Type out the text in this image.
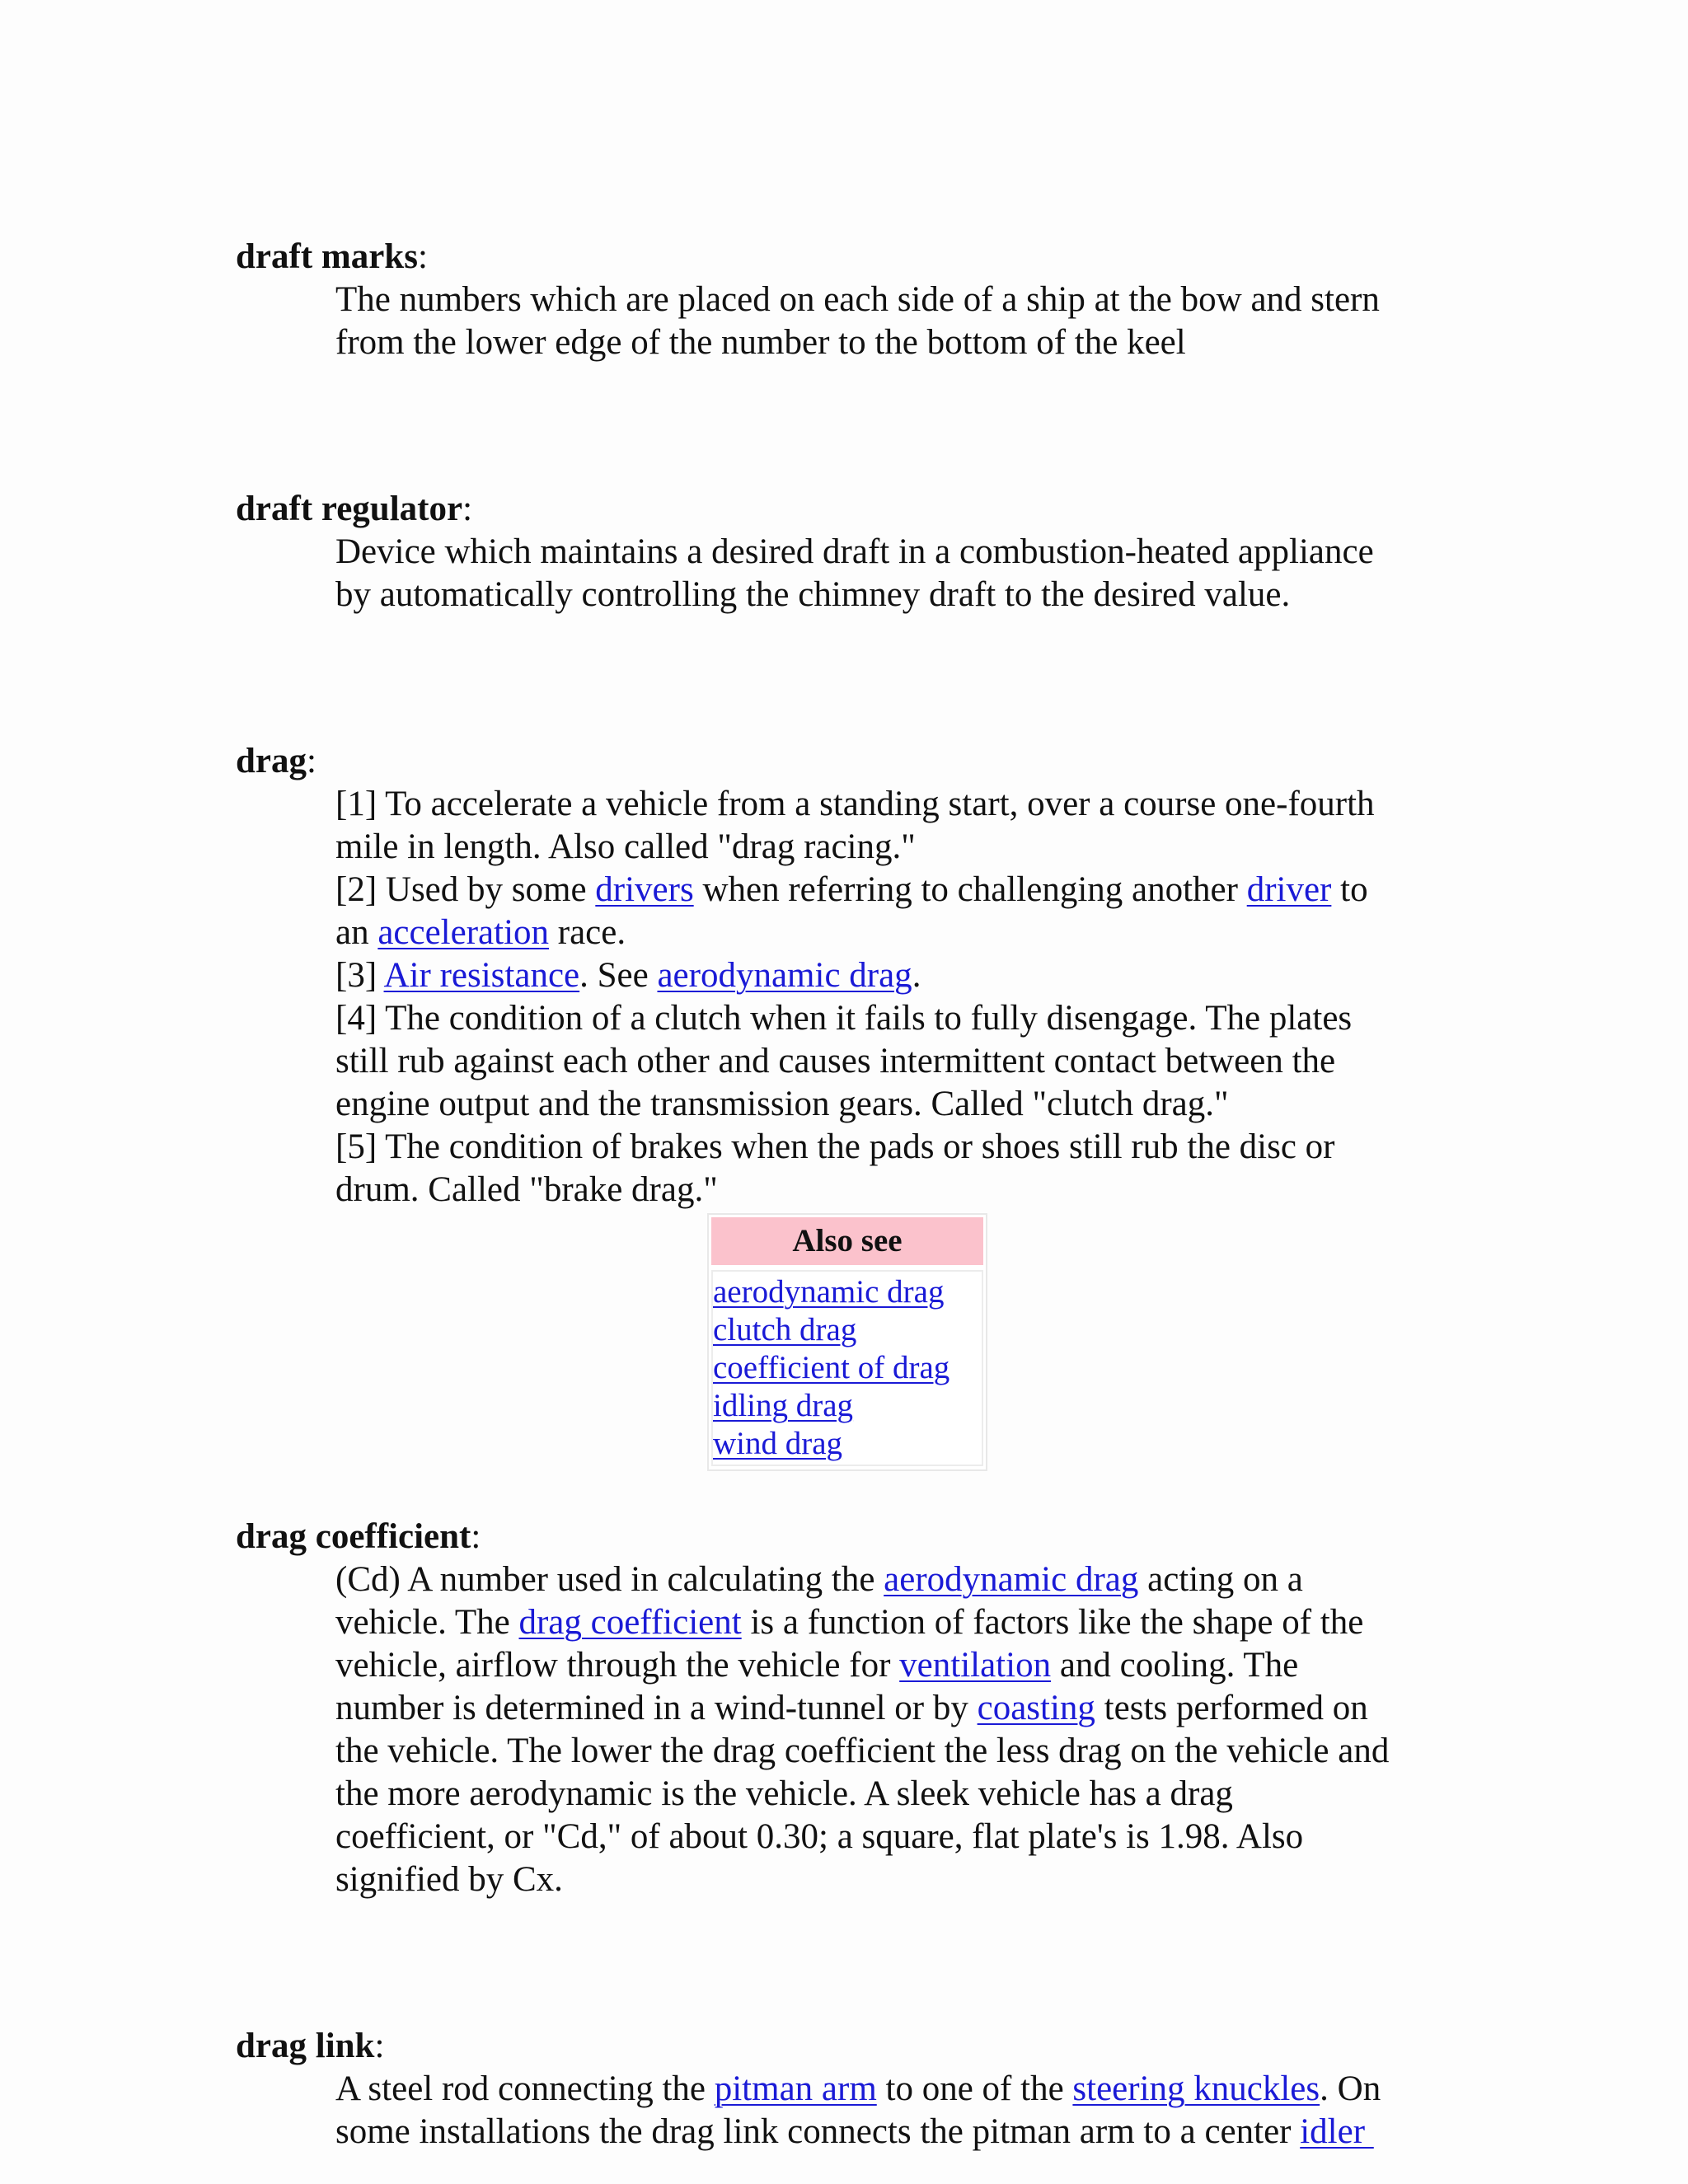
draft marks:

The numbers which are placed on each side of a ship at the bow and stern

from the lower edge of the number to the bottom of the keel

draft regulator:

Device which maintains a desired draft in a combustion-heated appliance

by automatically controlling the chimney draft to the desired value.

drag:

[1] To accelerate a vehicle from a standing start, over a course one-fourth

mile in length. Also called "drag racing."

[2] Used by some drivers when referring to challenging another driver to

an acceleration race.

[3] Air resistance. See aerodynamic drag.

[4] The condition of a clutch when it fails to fully disengage. The plates

still rub against each other and causes intermittent contact between the

engine output and the transmission gears. Called "clutch drag."

[5] The condition of brakes when the pads or shoes still rub the disc or

drum. Called "brake drag."

Also see
aerodynamic drag
clutch drag
coefficient of drag
idling drag
wind drag
drag coefficient:

(Cd) A number used in calculating the aerodynamic drag acting on a

vehicle. The drag coefficient is a function of factors like the shape of the

vehicle, airflow through the vehicle for ventilation and cooling. The

number is determined in a wind-tunnel or by coasting tests performed on

the vehicle. The lower the drag coefficient the less drag on the vehicle and

the more aerodynamic is the vehicle. A sleek vehicle has a drag

coefficient, or "Cd," of about 0.30; a square, flat plate's is 1.98. Also

signified by Cx.

drag link:

A steel rod connecting the pitman arm to one of the steering knuckles. On

some installations the drag link connects the pitman arm to a center idler
